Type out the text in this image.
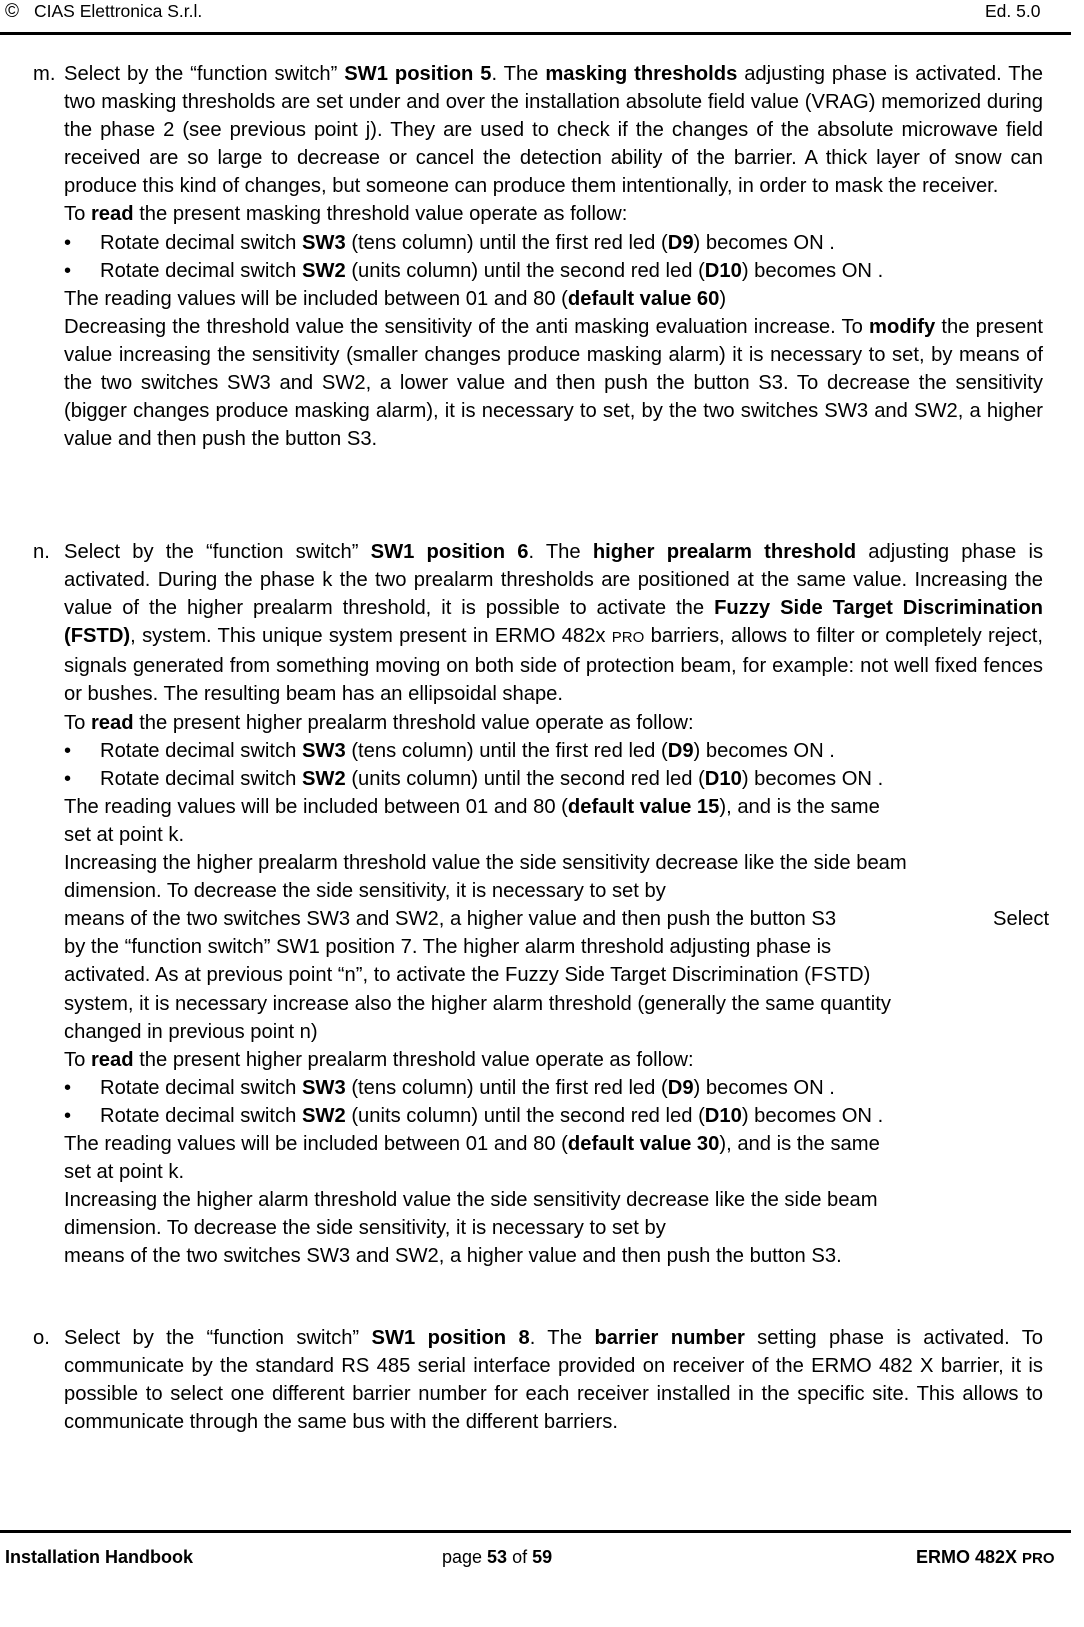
© CIAS Elettronica S.r.l.	Ed. 5.0
m. Select by the “function switch” SW1 position 5. The masking thresholds adjusting phase is activated. The two masking thresholds are set under and over the installation absolute field value (VRAG) memorized during the phase 2 (see previous point j). They are used to check if the changes of the absolute microwave field received are so large to decrease or cancel the detection ability of the barrier. A thick layer of snow can produce this kind of changes, but someone can produce them intentionally, in order to mask the receiver.

To read the present masking threshold value operate as follow:

• Rotate decimal switch SW3 (tens column) until the first red led (D9) becomes ON .

• Rotate decimal switch SW2 (units column) until the second red led (D10) becomes ON .

The reading values will be included between 01 and 80 (default value 60)

Decreasing the threshold value the sensitivity of the anti masking evaluation increase. To modify the present value increasing the sensitivity (smaller changes produce masking alarm) it is necessary to set, by means of the two switches SW3 and SW2, a lower value and then push the button S3. To decrease the sensitivity (bigger changes produce masking alarm), it is necessary to set, by the two switches SW3 and SW2, a higher value and then push the button S3.

n. Select by the “function switch” SW1 position 6. The higher prealarm threshold adjusting phase is activated. During the phase k the two prealarm thresholds are positioned at the same value. Increasing the value of the higher prealarm threshold, it is possible to activate the Fuzzy Side Target Discrimination (FSTD), system. This unique system present in ERMO 482x PRO barriers, allows to filter or completely reject, signals generated from something moving on both side of protection beam, for example: not well fixed fences or bushes. The resulting beam has an ellipsoidal shape.

To read the present higher prealarm threshold value operate as follow:

• Rotate decimal switch SW3 (tens column) until the first red led (D9) becomes ON .

• Rotate decimal switch SW2 (units column) until the second red led (D10) becomes ON .

The reading values will be included between 01 and 80 (default value 15), and is the same

set at point k.

Increasing the higher prealarm threshold value the side sensitivity decrease like the side beam

dimension. To decrease the side sensitivity, it is necessary to set by

means of the two switches SW3 and SW2, a higher value and then push the button S3	Select

by the “function switch” SW1 position 7. The higher alarm threshold adjusting phase is

activated. As at previous point “n”, to activate the Fuzzy Side Target Discrimination (FSTD)

system, it is necessary increase also the higher alarm threshold (generally the same quantity

changed in previous point n)

To read the present higher prealarm threshold value operate as follow:

• Rotate decimal switch SW3 (tens column) until the first red led (D9) becomes ON .

• Rotate decimal switch SW2 (units column) until the second red led (D10) becomes ON .

The reading values will be included between 01 and 80 (default value 30), and is the same

set at point k.

Increasing the higher alarm threshold value the side sensitivity decrease like the side beam

dimension. To decrease the side sensitivity, it is necessary to set by

means of the two switches SW3 and SW2, a higher value and then push the button S3.

o. Select by the “function switch” SW1 position 8. The barrier number setting phase is activated. To communicate by the standard RS 485 serial interface provided on receiver of the ERMO 482 X barrier, it is possible to select one different barrier number for each receiver installed in the specific site. This allows to communicate through the same bus with the different barriers.

Installation Handbook	page 53 of 59	ERMO 482X PRO
